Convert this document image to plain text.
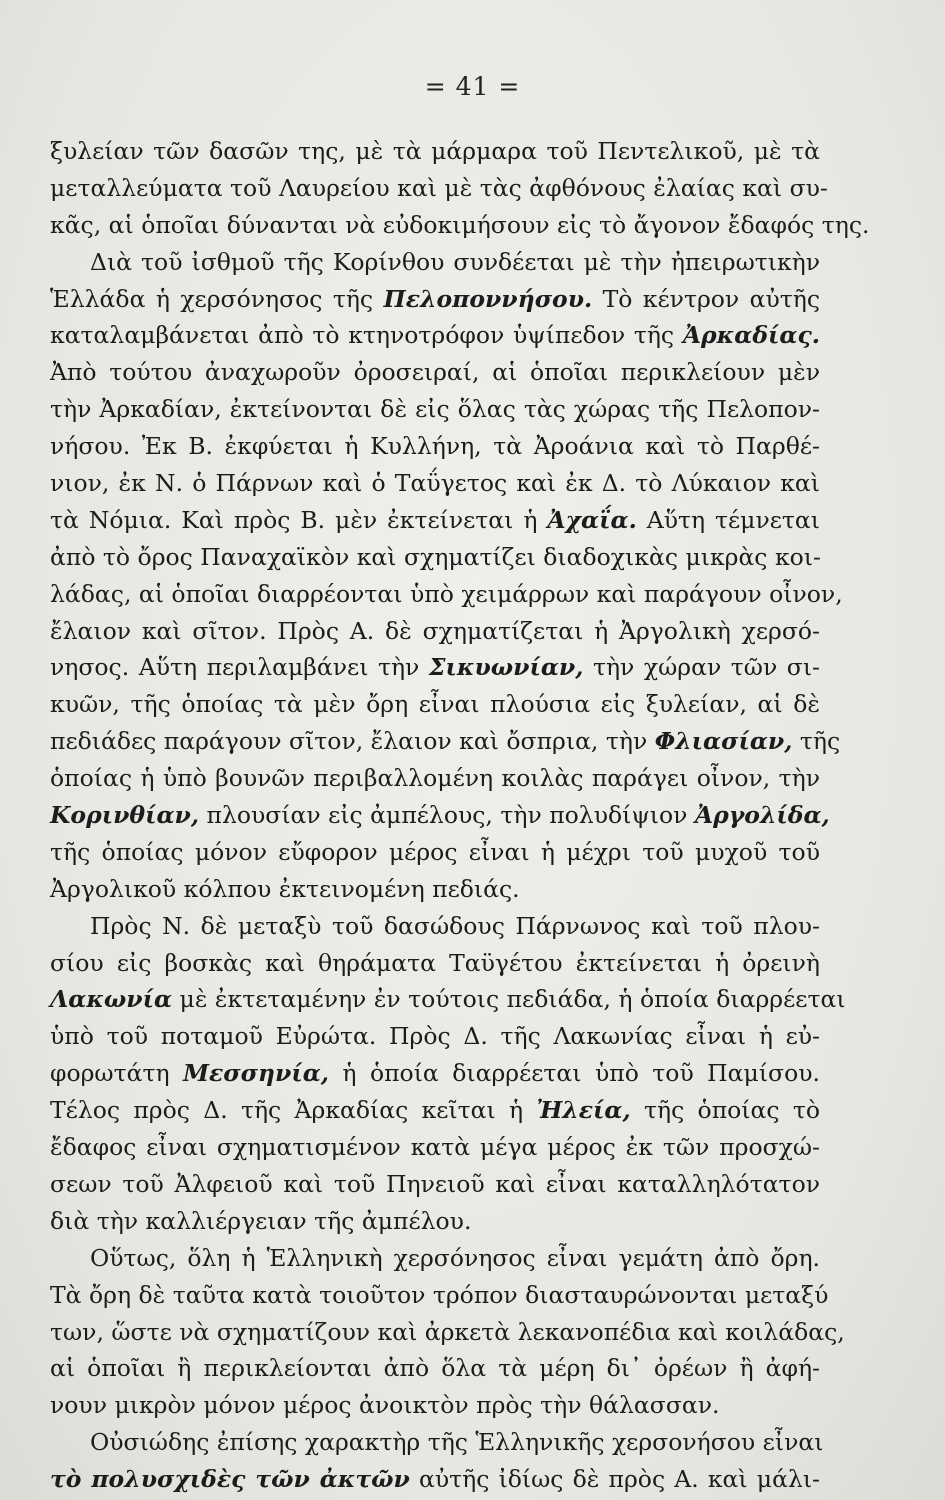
= 41 =
ξυλείαν τῶν δασῶν της, μὲ τὰ μάρμαρα τοῦ Πεντελικοῦ, μὲ τὰ
μεταλλεύματα τοῦ Λαυρείου καὶ μὲ τὰς ἀφθόνους ἐλαίας καὶ συ-
κᾶς, αἱ ὁποῖαι δύνανται νὰ εὐδοκιμήσουν εἰς τὸ ἄγονον ἔδαφός της.
Διὰ τοῦ ἰσθμοῦ τῆς Κορίνθου συνδέεται μὲ τὴν ἠπειρωτικὴν
Ἑλλάδα ἡ χερσόνησος τῆς Πελοποννήσου. Τὸ κέντρον αὐτῆς
καταλαμβάνεται ἀπὸ τὸ κτηνοτρόφον ὑψίπεδον τῆς Ἀρκαδίας.
Ἀπὸ τούτου ἀναχωροῦν ὀροσειραί, αἱ ὁποῖαι περικλείουν μὲν
τὴν Ἀρκαδίαν, ἐκτείνονται δὲ εἰς ὅλας τὰς χώρας τῆς Πελοπον-
νήσου. Ἐκ Β. ἐκφύεται ἡ Κυλλήνη, τὰ Ἀροάνια καὶ τὸ Παρθέ-
νιον, ἐκ Ν. ὁ Πάρνων καὶ ὁ Ταΰγετος καὶ ἐκ Δ. τὸ Λύκαιον καὶ
τὰ Νόμια. Καὶ πρὸς Β. μὲν ἐκτείνεται ἡ Ἀχαΐα. Αὕτη τέμνεται
ἀπὸ τὸ ὄρος Παναχαϊκὸν καὶ σχηματίζει διαδοχικὰς μικρὰς κοι-
λάδας, αἱ ὁποῖαι διαρρέονται ὑπὸ χειμάρρων καὶ παράγουν οἶνον,
ἔλαιον καὶ σῖτον. Πρὸς Α. δὲ σχηματίζεται ἡ Ἀργολικὴ χερσό-
νησος. Αὕτη περιλαμβάνει τὴν Σικυωνίαν, τὴν χώραν τῶν σι-
κυῶν, τῆς ὁποίας τὰ μὲν ὄρη εἶναι πλούσια εἰς ξυλείαν, αἱ δὲ
πεδιάδες παράγουν σῖτον, ἔλαιον καὶ ὄσπρια, τὴν Φλιασίαν, τῆς
ὁποίας ἡ ὑπὸ βουνῶν περιβαλλομένη κοιλὰς παράγει οἶνον, τὴν
Κορινθίαν, πλουσίαν εἰς ἀμπέλους, τὴν πολυδίψιον Ἀργολίδα,
τῆς ὁποίας μόνον εὔφορον μέρος εἶναι ἡ μέχρι τοῦ μυχοῦ τοῦ
Ἀργολικοῦ κόλπου ἐκτεινομένη πεδιάς.
Πρὸς Ν. δὲ μεταξὺ τοῦ δασώδους Πάρνωνος καὶ τοῦ πλου-
σίου εἰς βοσκὰς καὶ θηράματα Ταϋγέτου ἐκτείνεται ἡ ὀρεινὴ
Λακωνία μὲ ἐκτεταμένην ἐν τούτοις πεδιάδα, ἡ ὁποία διαρρέεται
ὑπὸ τοῦ ποταμοῦ Εὐρώτα. Πρὸς Δ. τῆς Λακωνίας εἶναι ἡ εὐ-
φορωτάτη Μεσσηνία, ἡ ὁποία διαρρέεται ὑπὸ τοῦ Παμίσου.
Τέλος πρὸς Δ. τῆς Ἀρκαδίας κεῖται ἡ Ἠλεία, τῆς ὁποίας τὸ
ἔδαφος εἶναι σχηματισμένον κατὰ μέγα μέρος ἐκ τῶν προσχώ-
σεων τοῦ Ἀλφειοῦ καὶ τοῦ Πηνειοῦ καὶ εἶναι καταλληλότατον
διὰ τὴν καλλιέργειαν τῆς ἀμπέλου.
Οὕτως, ὅλη ἡ Ἑλληνικὴ χερσόνησος εἶναι γεμάτη ἀπὸ ὄρη.
Τὰ ὄρη δὲ ταῦτα κατὰ τοιοῦτον τρόπον διασταυρώνονται μεταξύ
των, ὥστε νὰ σχηματίζουν καὶ ἀρκετὰ λεκανοπέδια καὶ κοιλάδας,
αἱ ὁποῖαι ἢ περικλείονται ἀπὸ ὅλα τὰ μέρη δι᾽ ὀρέων ἢ ἀφή-
νουν μικρὸν μόνον μέρος ἀνοικτὸν πρὸς τὴν θάλασσαν.
Οὐσιώδης ἐπίσης χαρακτὴρ τῆς Ἑλληνικῆς χερσονήσου εἶναι
τὸ πολυσχιδὲς τῶν ἀκτῶν αὐτῆς ἰδίως δὲ πρὸς Α. καὶ μάλι-
